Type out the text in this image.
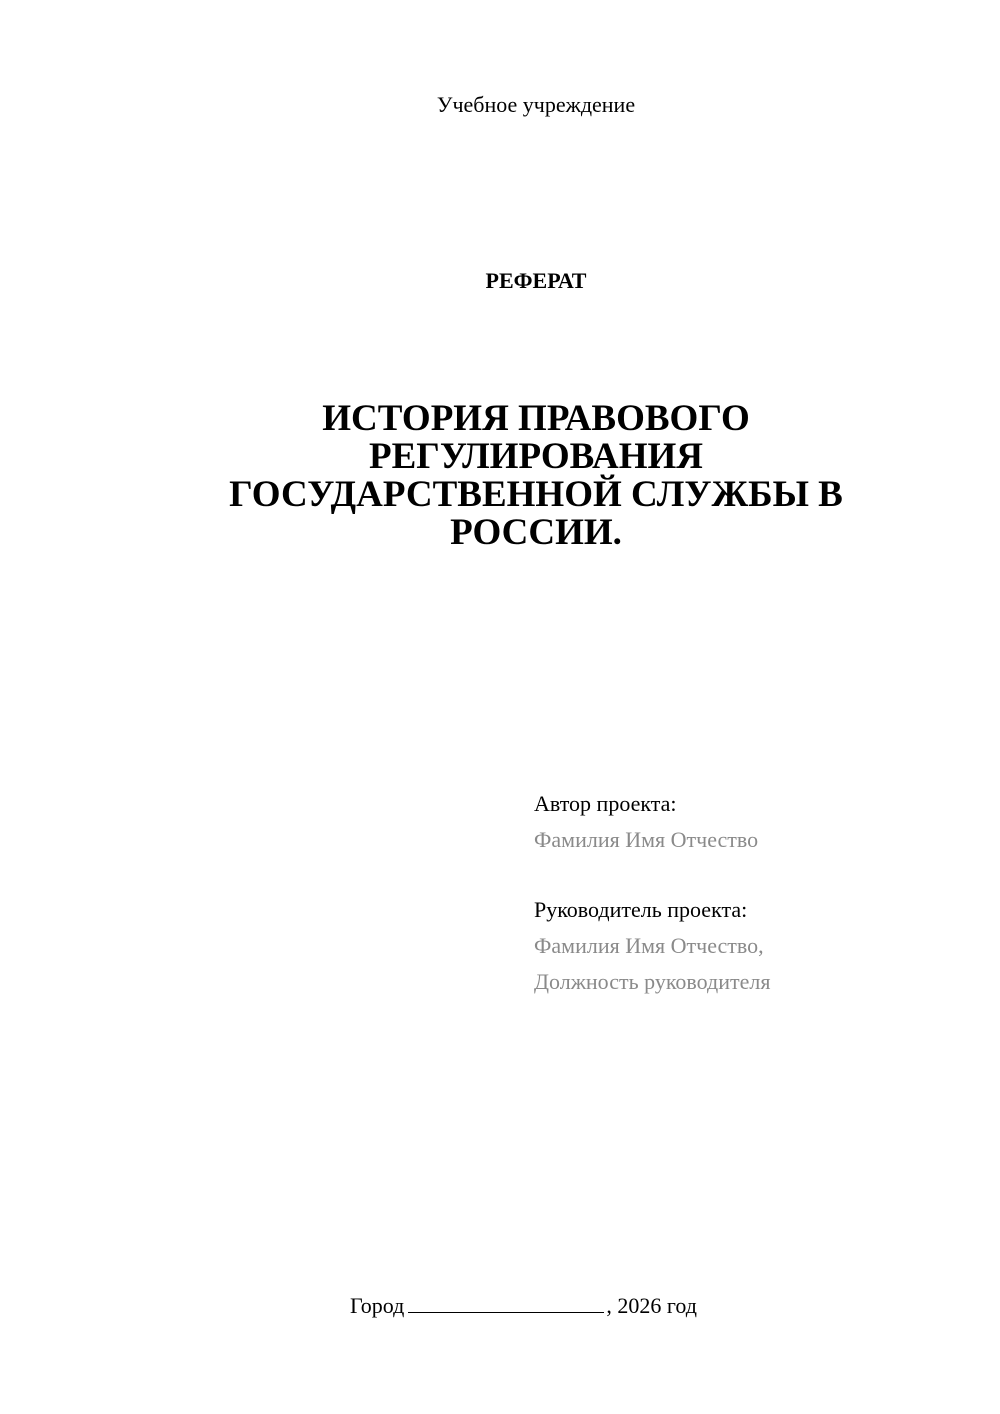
Учебное учреждение
РЕФЕРАТ
ИСТОРИЯ ПРАВОВОГО
РЕГУЛИРОВАНИЯ
ГОСУДАРСТВЕННОЙ СЛУЖБЫ В
РОССИИ.
Автор проекта:
Фамилия Имя Отчество
Руководитель проекта:
Фамилия Имя Отчество,
Должность руководителя
Город	, 2026 год
